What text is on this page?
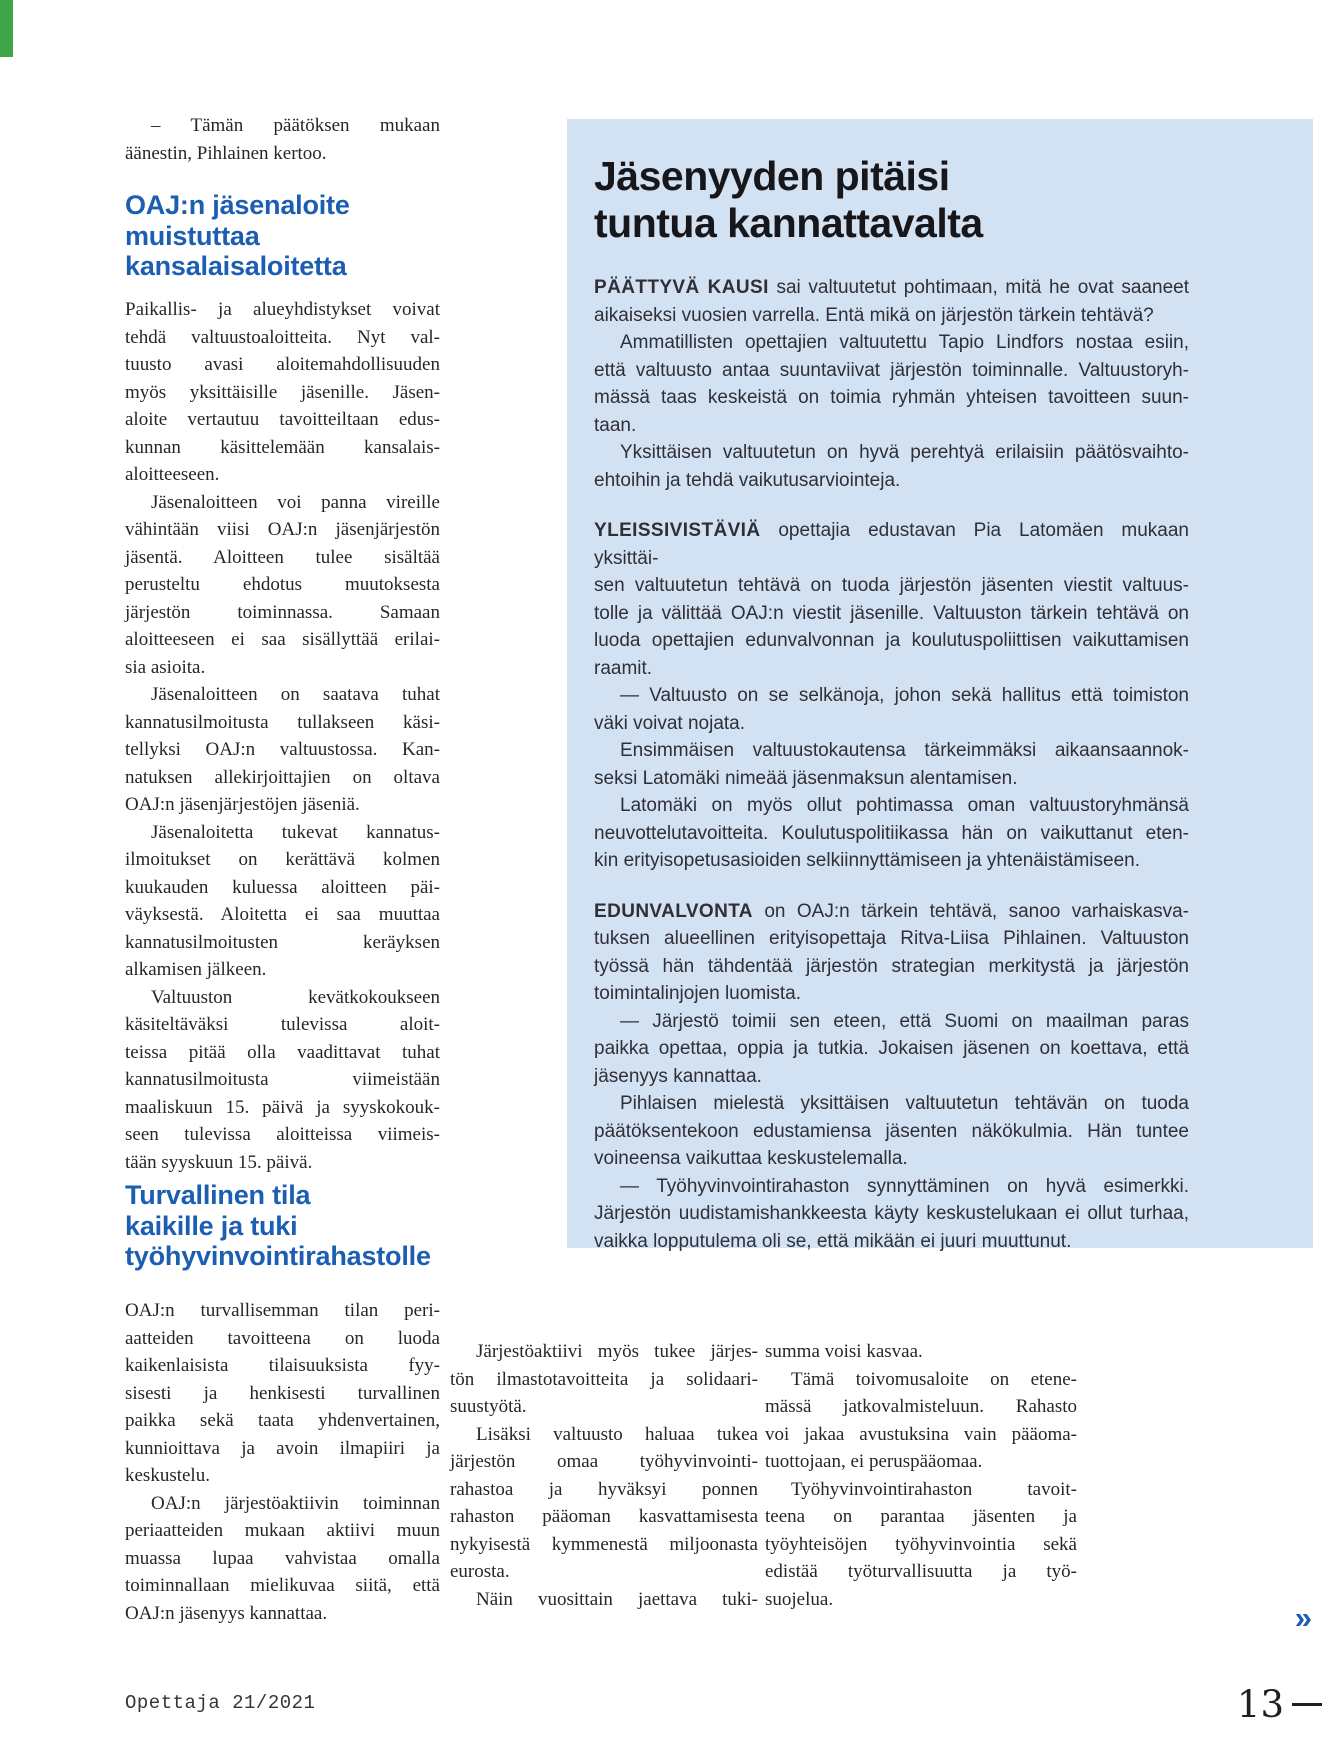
– Tämän päätöksen mukaan
äänestin, Pihlainen kertoo.
OAJ:n jäsenaloite
muistuttaa
kansalaisaloitetta
Paikallis- ja alueyhdistykset voivat
tehdä valtuustoaloitteita. Nyt val-
tuusto avasi aloitemahdollisuuden
myös yksittäisille jäsenille. Jäsen-
aloite vertautuu tavoitteiltaan edus-
kunnan käsittelemään kansalais-
aloitteeseen.
Jäsenaloitteen voi panna vireille
vähintään viisi OAJ:n jäsenjärjestön
jäsentä. Aloitteen tulee sisältää
perusteltu ehdotus muutoksesta
järjestön toiminnassa. Samaan
aloitteeseen ei saa sisällyttää erilai-
sia asioita.
Jäsenaloitteen on saatava tuhat
kannatusilmoitusta tullakseen käsi-
tellyksi OAJ:n valtuustossa. Kan-
natuksen allekirjoittajien on oltava
OAJ:n jäsenjärjestöjen jäseniä.
Jäsenaloitetta tukevat kannatus-
ilmoitukset on kerättävä kolmen
kuukauden kuluessa aloitteen päi-
väyksestä. Aloitetta ei saa muuttaa
kannatusilmoitusten keräyksen
alkamisen jälkeen.
Valtuuston kevätkokoukseen
käsiteltäväksi tulevissa aloit-
teissa pitää olla vaadittavat tuhat
kannatusilmoitusta viimeistään
maaliskuun 15. päivä ja syyskokouk-
seen tulevissa aloitteissa viimeis-
tään syyskuun 15. päivä.
Turvallinen tila
kaikille ja tuki
työhyvinvointirahastolle
OAJ:n turvallisemman tilan peri-
aatteiden tavoitteena on luoda
kaikenlaisista tilaisuuksista fyy-
sisesti ja henkisesti turvallinen
paikka sekä taata yhdenvertainen,
kunnioittava ja avoin ilmapiiri ja
keskustelu.
OAJ:n järjestöaktiivin toiminnan
periaatteiden mukaan aktiivi muun
muassa lupaa vahvistaa omalla
toiminnallaan mielikuvaa siitä, että
OAJ:n jäsenyys kannattaa.
Jäsenyyden pitäisi
tuntua kannattavalta
PÄÄTTYVÄ KAUSI sai valtuutetut pohtimaan, mitä he ovat saaneet
aikaiseksi vuosien varrella. Entä mikä on järjestön tärkein tehtävä?
Ammatillisten opettajien valtuutettu Tapio Lindfors nostaa esiin,
että valtuusto antaa suuntaviivat järjestön toiminnalle. Valtuustoryh-
mässä taas keskeistä on toimia ryhmän yhteisen tavoitteen suun-
taan.
Yksittäisen valtuutetun on hyvä perehtyä erilaisiin päätösvaihto-
ehtoihin ja tehdä vaikutusarviointeja.
YLEISSIVISTÄVIÄ opettajia edustavan Pia Latomäen mukaan yksittäi-
sen valtuutetun tehtävä on tuoda järjestön jäsenten viestit valtuus-
tolle ja välittää OAJ:n viestit jäsenille. Valtuuston tärkein tehtävä on
luoda opettajien edunvalvonnan ja koulutuspoliittisen vaikuttamisen
raamit.
— Valtuusto on se selkänoja, johon sekä hallitus että toimiston
väki voivat nojata.
Ensimmäisen valtuustokautensa tärkeimmäksi aikaansaannok-
seksi Latomäki nimeää jäsenmaksun alentamisen.
Latomäki on myös ollut pohtimassa oman valtuustoryhmänsä
neuvottelutavoitteita. Koulutuspolitiikassa hän on vaikuttanut eten-
kin erityisopetusasioiden selkiinnyttämiseen ja yhtenäistämiseen.
EDUNVALVONTA on OAJ:n tärkein tehtävä, sanoo varhaiskasva-
tuksen alueellinen erityisopettaja Ritva-Liisa Pihlainen. Valtuuston
työssä hän tähdentää järjestön strategian merkitystä ja järjestön
toimintalinjojen luomista.
— Järjestö toimii sen eteen, että Suomi on maailman paras
paikka opettaa, oppia ja tutkia. Jokaisen jäsenen on koettava, että
jäsenyys kannattaa.
Pihlaisen mielestä yksittäisen valtuutetun tehtävän on tuoda
päätöksentekoon edustamiensa jäsenten näkökulmia. Hän tuntee
voineensa vaikuttaa keskustelemalla.
— Työhyvinvointirahaston synnyttäminen on hyvä esimerkki.
Järjestön uudistamishankkeesta käyty keskustelukaan ei ollut turhaa,
vaikka lopputulema oli se, että mikään ei juuri muuttunut.
Järjestöaktiivi myös tukee järjes-
tön ilmastotavoitteita ja solidaari-
suustyötä.
Lisäksi valtuusto haluaa tukea
järjestön omaa työhyvinvointi-
rahastoa ja hyväksyi ponnen
rahaston pääoman kasvattamisesta
nykyisestä kymmenestä miljoonasta
eurosta.
Näin vuosittain jaettava tuki-
summa voisi kasvaa.
Tämä toivomusaloite on etene-
mässä jatkovalmisteluun. Rahasto
voi jakaa avustuksina vain pääoma-
tuottojaan, ei peruspääomaa.
Työhyvinvointirahaston tavoit-
teena on parantaa jäsenten ja
työyhteisöjen työhyvinvointia sekä
edistää työturvallisuutta ja työ-
suojelua.
»
Opettaja 21/2021	13
